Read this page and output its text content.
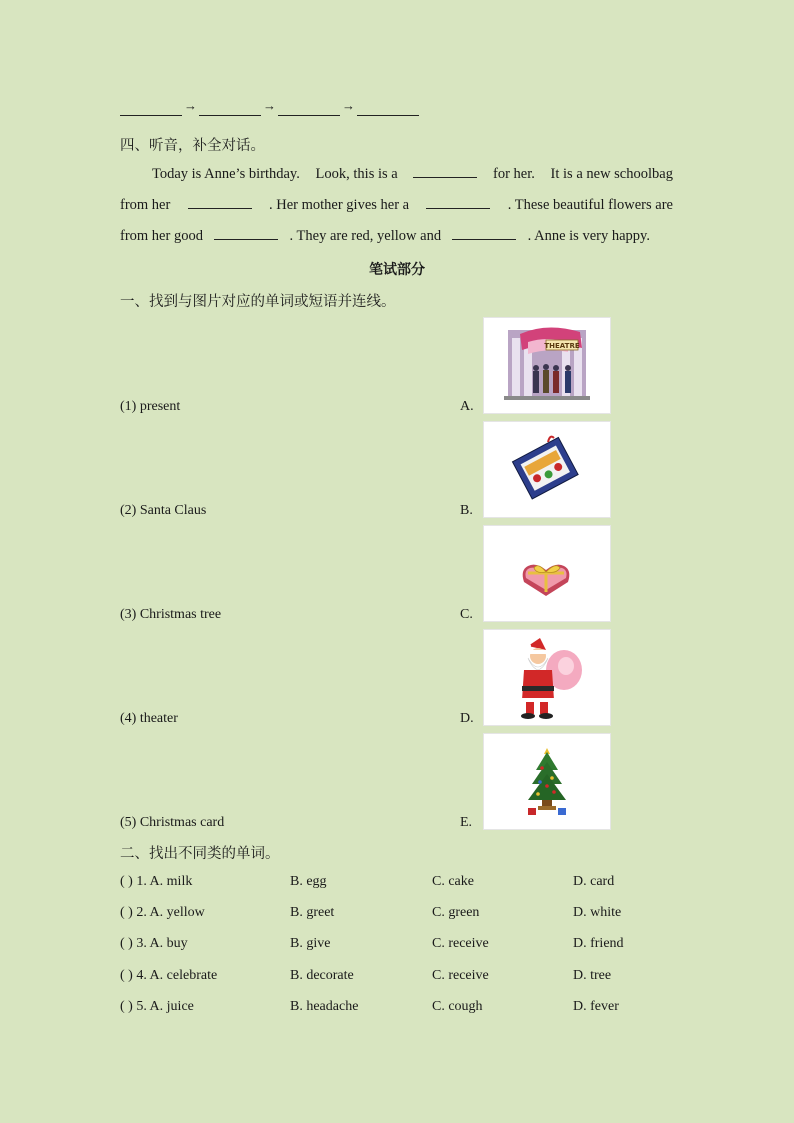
→	→	→
四、听音，补全对话。
Today is Anne’s birthday. Look, this is a	for her. It is a new schoolbag
from her	. Her mother gives her a	. These beautiful flowers are
from her good	. They are red, yellow and	. Anne is very happy.
笔试部分
一、找到与图片对应的单词或短语并连线。
(1) present	A.
THEATRE
(2) Santa Claus	B.
(3) Christmas tree	C.
(4) theater	D.
(5) Christmas card	E.
二、找出不同类的单词。
( ) 1. A. milk	B. egg	C. cake	D. card
( ) 2. A. yellow	B. greet	C. green	D. white
( ) 3. A. buy	B. give	C. receive	D. friend
( ) 4. A. celebrate	B. decorate	C. receive	D. tree
( ) 5. A. juice	B. headache	C. cough	D. fever
